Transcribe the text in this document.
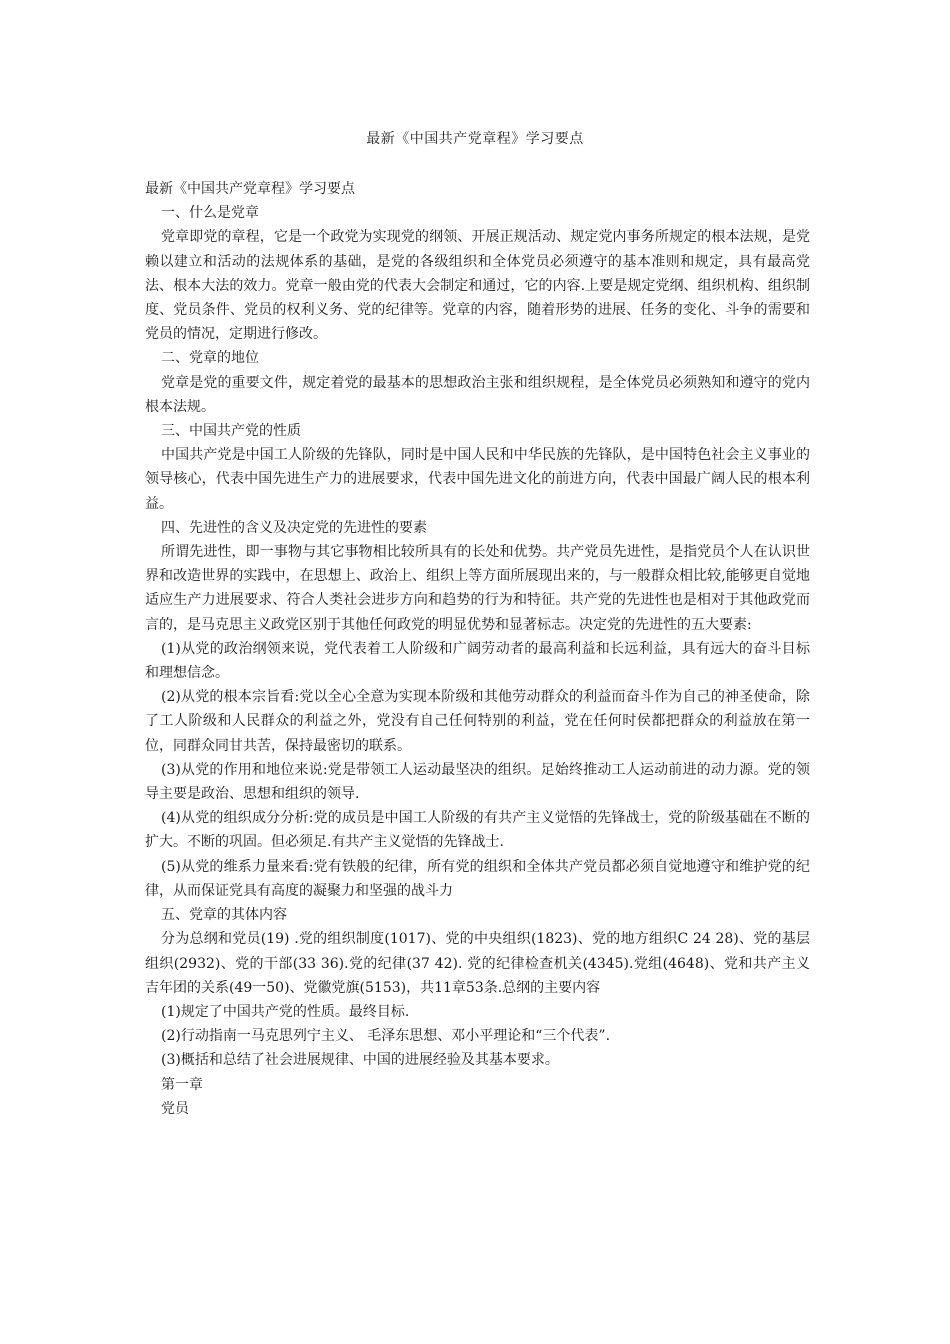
最新《中国共产党章程》学习要点

最新《中国共产党章程》学习要点

一、什么是党章

党章即党的章程，它是一个政党为实现党的纲领、开展正规活动、规定党内事务所规定的根本法规，是党赖以建立和活动的法规体系的基础，是党的各级组织和全体党员必须遵守的基本准则和规定，具有最高党法、根本大法的效力。党章一般由党的代表大会制定和通过，它的内容.上要是规定党纲、组织机构、组织制度、党员条件、党员的权利义务、党的纪律等。党章的内容，随着形势的进展、任务的变化、斗争的需要和党员的情况，定期进行修改。

二、党章的地位

党章是党的重要文件，规定着党的最基本的思想政治主张和组织规程，是全体党员必须熟知和遵守的党内根本法规。

三、中国共产党的性质

中国共产党是中国工人阶级的先锋队，同时是中国人民和中华民族的先锋队，是中国特色社会主义事业的领导核心，代表中国先进生产力的进展要求，代表中国先进文化的前进方向，代表中国最广阔人民的根本利益。

四、先进性的含义及决定党的先进性的要素

所谓先进性，即一事物与其它事物相比较所具有的长处和优势。共产党员先进性，是指党员个人在认识世界和改造世界的实践中，在思想上、政治上、组织上等方面所展现出来的，与一般群众相比较,能够更自觉地适应生产力进展要求、符合人类社会进步方向和趋势的行为和特征。共产党的先进性也是相对于其他政党而言的，是马克思主义政党区别于其他任何政党的明显优势和显著标志。决定党的先进性的五大要素:

(1)从党的政治纲领来说，党代表着工人阶级和广阔劳动者的最高利益和长远利益，具有远大的奋斗目标和理想信念。

(2)从党的根本宗旨看:党以全心全意为实现本阶级和其他劳动群众的利益而奋斗作为自己的神圣使命，除了工人阶级和人民群众的利益之外，党没有自己任何特别的利益，党在任何时侯都把群众的利益放在第一位，同群众同甘共苦，保持最密切的联系。

(3)从党的作用和地位来说:党是带领工人运动最坚决的组织。足始终推动工人运动前进的动力源。党的领导主要是政治、思想和组织的领导.

(4)从党的组织成分分析:党的成员是中国工人阶级的有共产主义觉悟的先锋战士，党的阶级基础在不断的扩大。不断的巩固。但必须足.有共产主义觉悟的先锋战士.

(5)从党的维系力量来看:党有铁般的纪律，所有党的组织和全体共产党员都必须自觉地遵守和维护党的纪律，从而保证党具有高度的凝聚力和坚强的战斗力

五、党章的其体内容

分为总纲和党员(19) .党的组织制度(1017)、党的中央组织(1823)、党的地方组织C 24 28)、党的基层组织(2932)、党的干部(33 36).党的纪律(37 42). 党的纪律检查机关(4345).党组(4648)、党和共产主义吉年团的关系(49一50)、党徽党旗(5153)，共11章53条.总纲的主要内容

(1)规定了中国共产党的性质。最终目标.

(2)行动指南一马克思列宁主义、 毛泽东思想、邓小平理论和“三个代表”.

(3)概括和总结了社会进展规律、中国的进展经验及其基本要求。

第一章

党员
